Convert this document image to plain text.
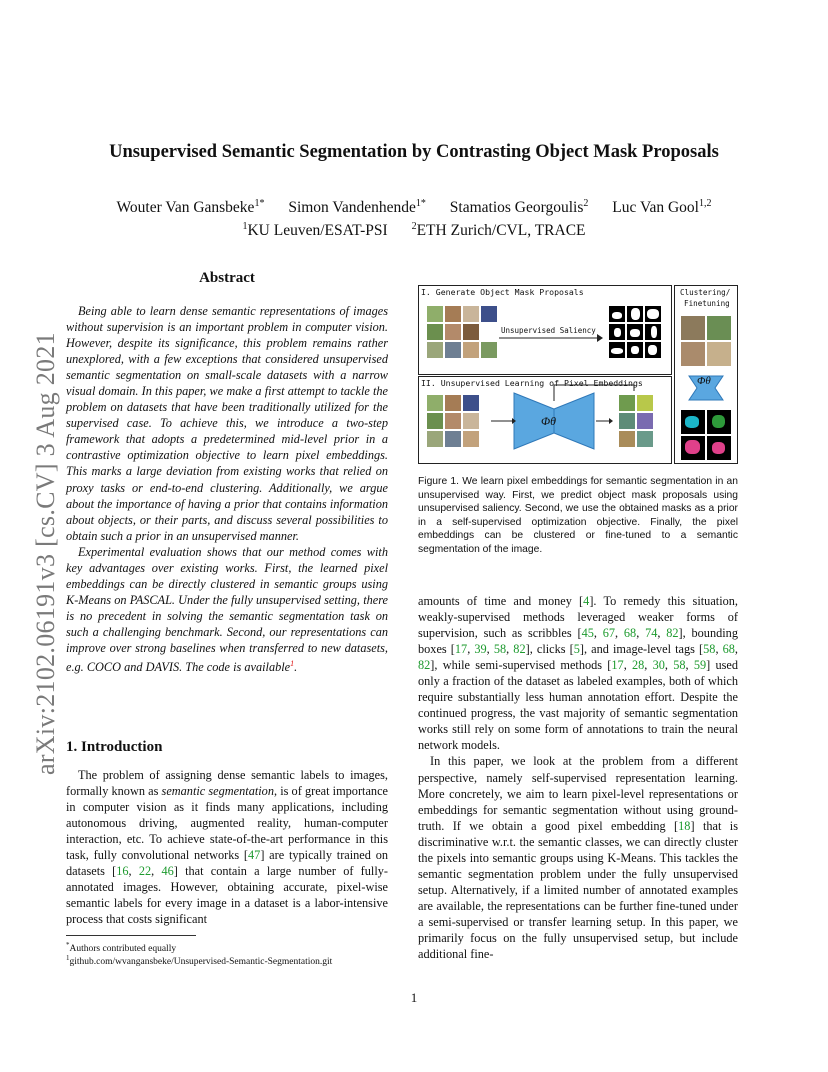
Unsupervised Semantic Segmentation by Contrasting Object Mask Proposals
Wouter Van Gansbeke$^{1*}$ Simon Vandenhende$^{1*}$ Stamatios Georgoulis$^2$ Luc Van Gool$^{1,2}$
$^1$KU Leuven/ESAT-PSI $^2$ETH Zurich/CVL, TRACE
arXiv:2102.06191v3 [cs.CV] 3 Aug 2021
Abstract

Being able to learn dense semantic representations of images without supervision is an important problem in computer vision. However, despite its significance, this problem remains rather unexplored, with a few exceptions that considered unsupervised semantic segmentation on small-scale datasets with a narrow visual domain. In this paper, we make a first attempt to tackle the problem on datasets that have been traditionally utilized for the supervised case. To achieve this, we introduce a two-step framework that adopts a predetermined mid-level prior in a contrastive optimization objective to learn pixel embeddings. This marks a large deviation from existing works that relied on proxy tasks or end-to-end clustering. Additionally, we argue about the importance of having a prior that contains information about objects, or their parts, and discuss several possibilities to obtain such a prior in an unsupervised manner.

Experimental evaluation shows that our method comes with key advantages over existing works. First, the learned pixel embeddings can be directly clustered in semantic groups using K-Means on PASCAL. Under the fully unsupervised setting, there is no precedent in solving the semantic segmentation task on such a challenging benchmark. Second, our representations can improve over strong baselines when transferred to new datasets, e.g. COCO and DAVIS. The code is available$^1$.

1. Introduction

The problem of assigning dense semantic labels to images, formally known as semantic segmentation, is of great importance in computer vision as it finds many applications, including autonomous driving, augmented reality, human-computer interaction, etc. To achieve state-of-the-art performance in this task, fully convolutional networks [47] are typically trained on datasets [16, 22, 46] that contain a large number of fully-annotated images. However, obtaining accurate, pixel-wise semantic labels for every image in a dataset is a labor-intensive process that costs significant

*Authors contributed equally
$^1$github.com/wvangansbeke/Unsupervised-Semantic-Segmentation.git
I. Generate Object Mask Proposals
Unsupervised Saliency
II. Unsupervised Learning of Pixel Embeddings
Φθ
Clustering/
Finetuning
Φθ
Figure 1. We learn pixel embeddings for semantic segmentation in an unsupervised way. First, we predict object mask proposals using unsupervised saliency. Second, we use the obtained masks as a prior in a self-supervised optimization objective. Finally, the pixel embeddings can be clustered or fine-tuned to a semantic segmentation of the image.

amounts of time and money [4]. To remedy this situation, weakly-supervised methods leveraged weaker forms of supervision, such as scribbles [45, 67, 68, 74, 82], bounding boxes [17, 39, 58, 82], clicks [5], and image-level tags [58, 68, 82], while semi-supervised methods [17, 28, 30, 58, 59] used only a fraction of the dataset as labeled examples, both of which require substantially less human annotation effort. Despite the continued progress, the vast majority of semantic segmentation works still rely on some form of annotations to train the neural network models.

In this paper, we look at the problem from a different perspective, namely self-supervised representation learning. More concretely, we aim to learn pixel-level representations or embeddings for semantic segmentation without using ground-truth. If we obtain a good pixel embedding [18] that is discriminative w.r.t. the semantic classes, we can directly cluster the pixels into semantic groups using K-Means. This tackles the semantic segmentation problem under the fully unsupervised setup. Alternatively, if a limited number of annotated examples are available, the representations can be further fine-tuned under a semi-supervised or transfer learning setup. In this paper, we primarily focus on the fully unsupervised setup, but include additional fine-

1
